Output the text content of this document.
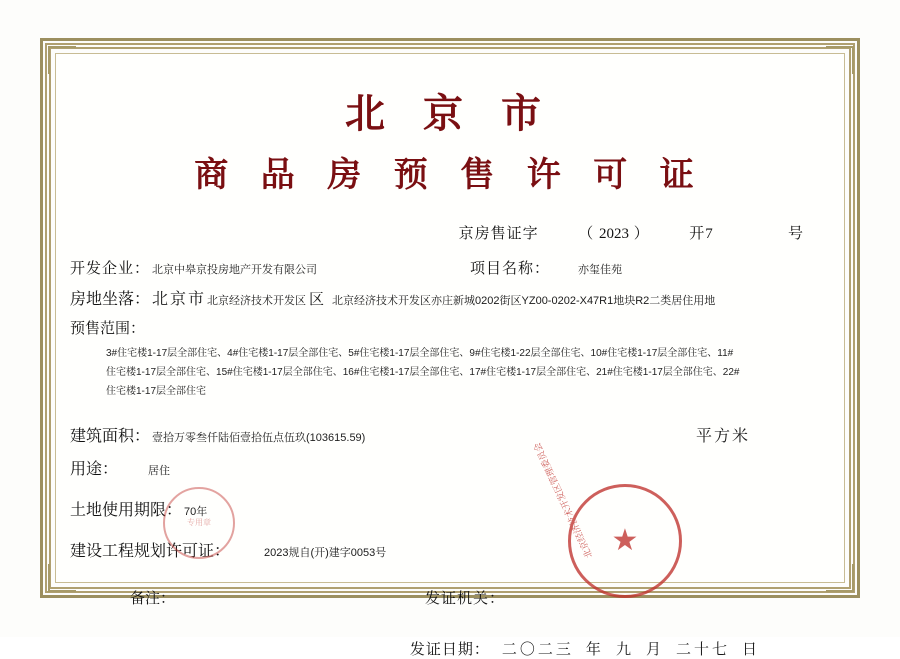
北 京 市
商 品 房 预 售 许 可 证
京房售证字	（ 2023 ）	开7	号
开发企业： 北京中皋京投房地产开发有限公司	项目名称：	亦玺佳苑
房地坐落： 北京市 北京经济技术开发区 区 北京经济技术开发区亦庄新城0202街区YZ00-0202-X47R1地块R2二类居住用地
预售范围：
3#住宅楼1-17层全部住宅、4#住宅楼1-17层全部住宅、5#住宅楼1-17层全部住宅、9#住宅楼1-22层全部住宅、10#住宅楼1-17层全部住宅、11#
住宅楼1-17层全部住宅、15#住宅楼1-17层全部住宅、16#住宅楼1-17层全部住宅、17#住宅楼1-17层全部住宅、21#住宅楼1-17层全部住宅、22#
住宅楼1-17层全部住宅
建筑面积： 壹拾万零叁仟陆佰壹拾伍点伍玖(103615.59)	平方米
用途：	居住
土地使用期限： 70年
建设工程规划许可证：	2023规自(开)建字0053号
备注：	发证机关：
发证日期： 二〇二三 年 九 月 二十七 日
北京经济技术开发区管理委员会 ★
专用章
